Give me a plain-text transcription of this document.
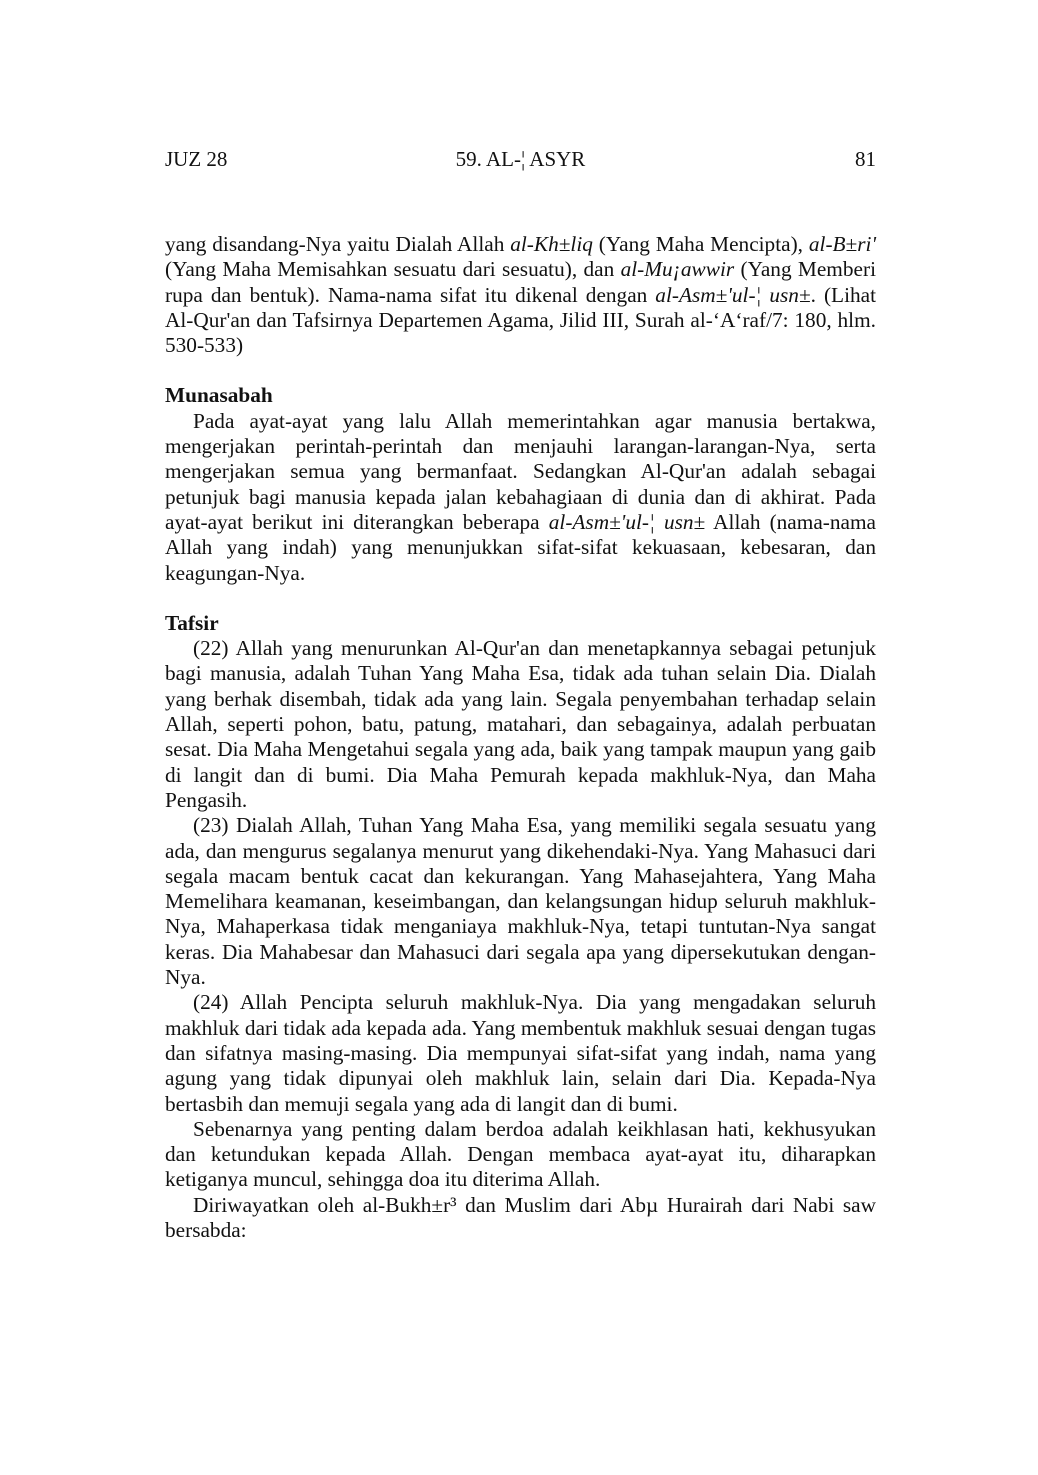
JUZ 28	59. AL-¦ ASYR	81

yang disandang-Nya yaitu Dialah Allah al-Kh±liq (Yang Maha Mencipta), al-B±ri' (Yang Maha Memisahkan sesuatu dari sesuatu), dan al-Mu¡awwir (Yang Memberi rupa dan bentuk). Nama-nama sifat itu dikenal dengan al-Asm±'ul-¦ usn±. (Lihat Al-Qur'an dan Tafsirnya Departemen Agama, Jilid III, Surah al-‘A‘raf/7: 180, hlm. 530-533)

Munasabah

Pada ayat-ayat yang lalu Allah memerintahkan agar manusia bertakwa, mengerjakan perintah-perintah dan menjauhi larangan-larangan-Nya, serta mengerjakan semua yang bermanfaat. Sedangkan Al-Qur'an adalah sebagai petunjuk bagi manusia kepada jalan kebahagiaan di dunia dan di akhirat. Pada ayat-ayat berikut ini diterangkan beberapa al-Asm±'ul-¦ usn± Allah (nama-nama Allah yang indah) yang menunjukkan sifat-sifat kekuasaan, kebesaran, dan keagungan-Nya.

Tafsir

(22) Allah yang menurunkan Al-Qur'an dan menetapkannya sebagai petunjuk bagi manusia, adalah Tuhan Yang Maha Esa, tidak ada tuhan selain Dia. Dialah yang berhak disembah, tidak ada yang lain. Segala penyembahan terhadap selain Allah, seperti pohon, batu, patung, matahari, dan sebagainya, adalah perbuatan sesat. Dia Maha Mengetahui segala yang ada, baik yang tampak maupun yang gaib di langit dan di bumi. Dia Maha Pemurah kepada makhluk-Nya, dan Maha Pengasih.

(23) Dialah Allah, Tuhan Yang Maha Esa, yang memiliki segala sesuatu yang ada, dan mengurus segalanya menurut yang dikehendaki-Nya. Yang Mahasuci dari segala macam bentuk cacat dan kekurangan. Yang Mahasejahtera, Yang Maha Memelihara keamanan, keseimbangan, dan kelangsungan hidup seluruh makhluk-Nya, Mahaperkasa tidak menganiaya makhluk-Nya, tetapi tuntutan-Nya sangat keras. Dia Mahabesar dan Mahasuci dari segala apa yang dipersekutukan dengan-Nya.

(24) Allah Pencipta seluruh makhluk-Nya. Dia yang mengadakan seluruh makhluk dari tidak ada kepada ada. Yang membentuk makhluk sesuai dengan tugas dan sifatnya masing-masing. Dia mempunyai sifat-sifat yang indah, nama yang agung yang tidak dipunyai oleh makhluk lain, selain dari Dia. Kepada-Nya bertasbih dan memuji segala yang ada di langit dan di bumi.

Sebenarnya yang penting dalam berdoa adalah keikhlasan hati, kekhusyukan dan ketundukan kepada Allah. Dengan membaca ayat-ayat itu, diharapkan ketiganya muncul, sehingga doa itu diterima Allah.

Diriwayatkan oleh al-Bukh±r³ dan Muslim dari Abµ Hurairah dari Nabi saw bersabda:
